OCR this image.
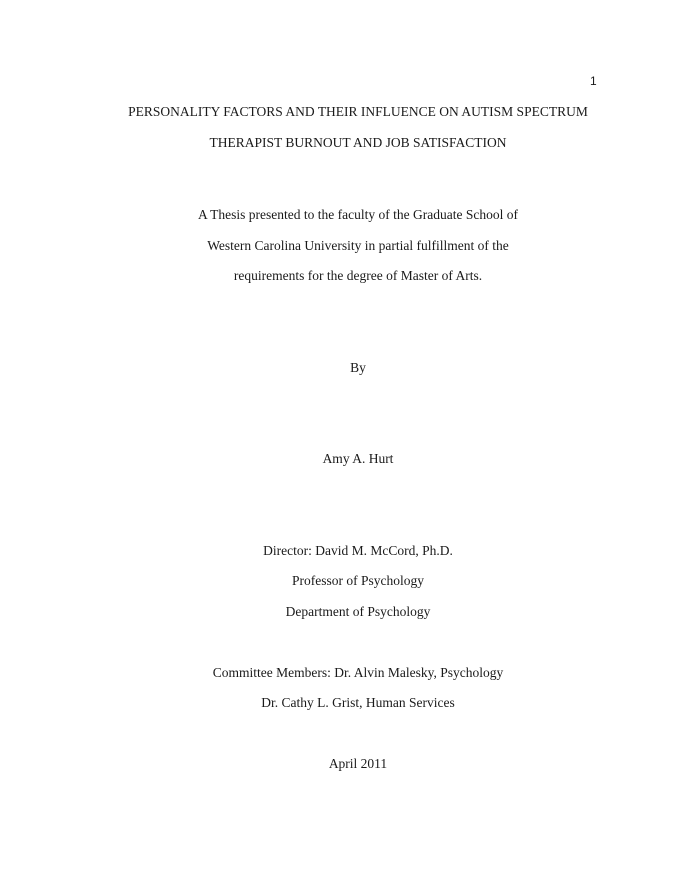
1
PERSONALITY FACTORS AND THEIR INFLUENCE ON AUTISM SPECTRUM
THERAPIST BURNOUT AND JOB SATISFACTION
A Thesis presented to the faculty of the Graduate School of
Western Carolina University in partial fulfillment of the
requirements for the degree of Master of Arts.
By
Amy A. Hurt
Director: David M. McCord, Ph.D.
Professor of Psychology
Department of Psychology
Committee Members: Dr. Alvin Malesky, Psychology
Dr. Cathy L. Grist, Human Services
April 2011
